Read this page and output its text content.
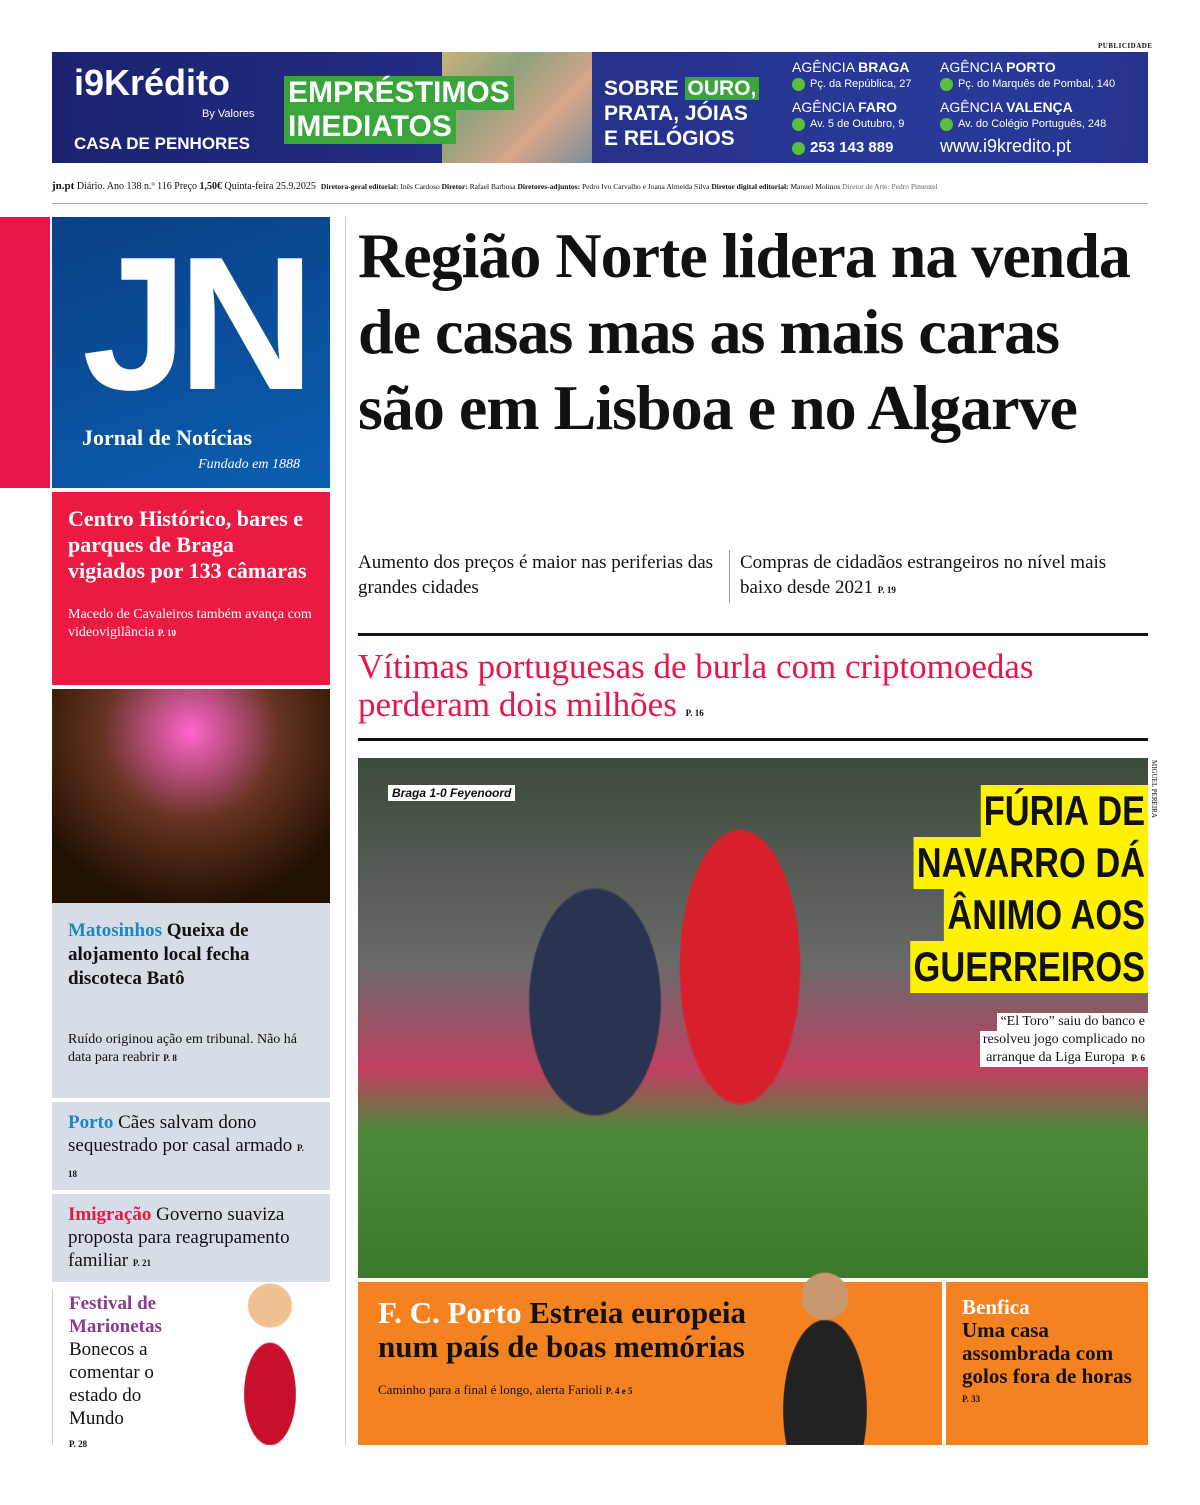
PUBLICIDADE
i9Krédito
By Valores
CASA DE PENHORES
EMPRÉSTIMOS
IMEDIATOS
SOBRE OURO,
PRATA, JÓIAS
E RELÓGIOS
AGÊNCIA BRAGA
Pç. da República, 27
AGÊNCIA PORTO
Pç. do Marquês de Pombal, 140
AGÊNCIA FARO
Av. 5 de Outubro, 9
AGÊNCIA VALENÇA
Av. do Colégio Português, 248
253 143 889	www.i9kredito.pt
jn.pt Diário. Ano 138 n.º 116 Preço 1,50€ Quinta-feira 25.9.2025 Diretora-geral editorial: Inês Cardoso Diretor: Rafael Barbosa Diretores-adjuntos: Pedro Ivo Carvalho e Joana Almeida Silva Diretor digital editorial: Manuel Molinos Diretor de Arte: Pedro Pimentel
JN
Jornal de Notícias
Fundado em 1888
Centro Histórico, bares e parques de Braga vigiados por 133 câmaras

Macedo de Cavaleiros também avança com videovigilância P. 10

Matosinhos Queixa de alojamento local fecha discoteca Batô

Ruído originou ação em tribunal. Não há data para reabrir P. 8

Porto Cães salvam dono sequestrado por casal armado P. 18
Imigração Governo suaviza proposta para reagrupamento familiar P. 21
Festival de Marionetas
Bonecos a comentar o estado do Mundo
P. 28
Região Norte lidera na venda de casas mas as mais caras são em Lisboa e no Algarve
Aumento dos preços é maior nas periferias das grandes cidades
Compras de cidadãos estrangeiros no nível mais baixo desde 2021 P. 19
Vítimas portuguesas de burla com criptomoedas perderam dois milhões P. 16
Braga 1-0 Feyenoord	MIGUEL PEREIRA
FÚRIA DE
NAVARRO DÁ
ÂNIMO AOS
GUERREIROS
“El Toro” saiu do banco e
resolveu jogo complicado no
arranque da Liga Europa P. 6
F. C. Porto Estreia europeia num país de boas memórias

Caminho para a final é longo, alerta Farioli P. 4 e 5

Benfica
Uma casa assombrada com golos fora de horas
P. 33
